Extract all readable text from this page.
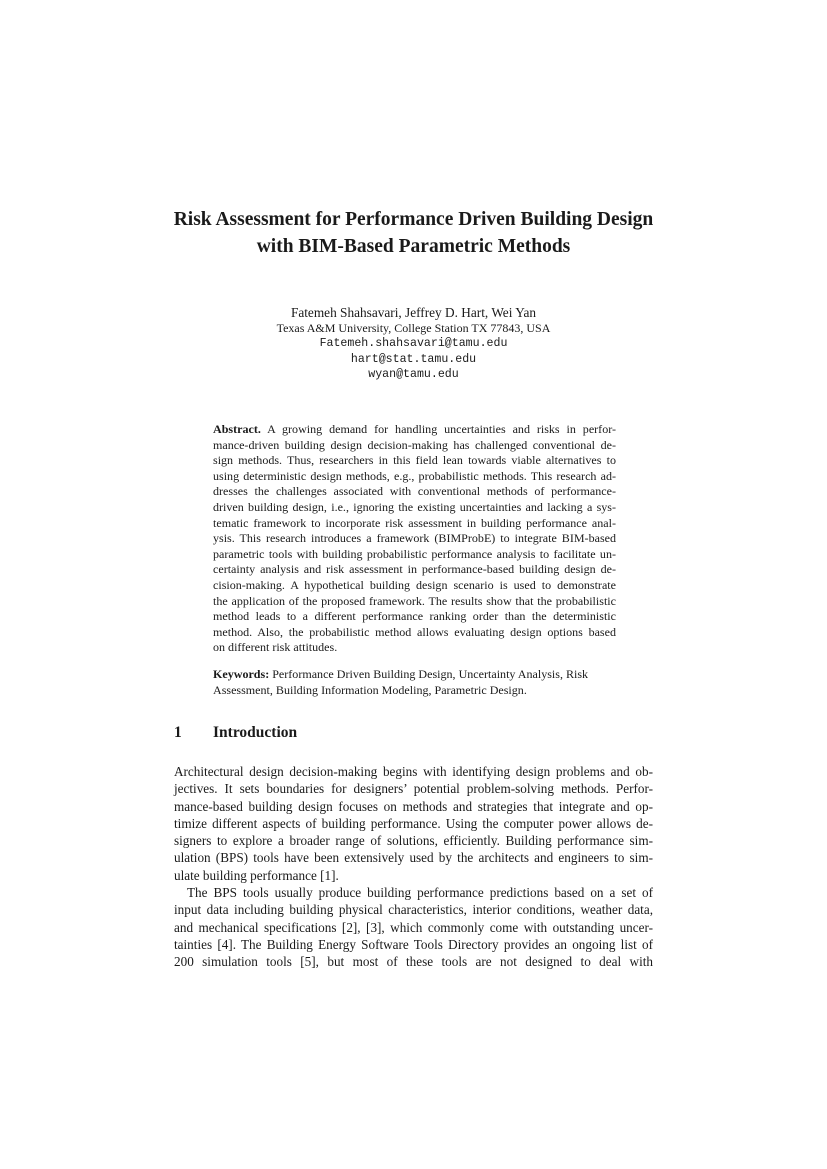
Risk Assessment for Performance Driven Building Design
with BIM-Based Parametric Methods

Fatemeh Shahsavari, Jeffrey D. Hart, Wei Yan

Texas A&M University, College Station TX 77843, USA

Fatemeh.shahsavari@tamu.edu
hart@stat.tamu.edu
wyan@tamu.edu
Abstract. A growing demand for handling uncertainties and risks in perfor-
mance-driven building design decision-making has challenged conventional de-
sign methods. Thus, researchers in this field lean towards viable alternatives to
using deterministic design methods, e.g., probabilistic methods. This research ad-
dresses the challenges associated with conventional methods of performance-
driven building design, i.e., ignoring the existing uncertainties and lacking a sys-
tematic framework to incorporate risk assessment in building performance anal-
ysis. This research introduces a framework (BIMProbE) to integrate BIM-based
parametric tools with building probabilistic performance analysis to facilitate un-
certainty analysis and risk assessment in performance-based building design de-
cision-making. A hypothetical building design scenario is used to demonstrate
the application of the proposed framework. The results show that the probabilistic
method leads to a different performance ranking order than the deterministic
method. Also, the probabilistic method allows evaluating design options based
on different risk attitudes.
Keywords: Performance Driven Building Design, Uncertainty Analysis, Risk
Assessment, Building Information Modeling, Parametric Design.
1 Introduction
Architectural design decision-making begins with identifying design problems and ob-
jectives. It sets boundaries for designers’ potential problem-solving methods. Perfor-
mance-based building design focuses on methods and strategies that integrate and op-
timize different aspects of building performance. Using the computer power allows de-
signers to explore a broader range of solutions, efficiently. Building performance sim-
ulation (BPS) tools have been extensively used by the architects and engineers to sim-
ulate building performance [1].
The BPS tools usually produce building performance predictions based on a set of
input data including building physical characteristics, interior conditions, weather data,
and mechanical specifications [2], [3], which commonly come with outstanding uncer-
tainties [4]. The Building Energy Software Tools Directory provides an ongoing list of
200 simulation tools [5], but most of these tools are not designed to deal with
